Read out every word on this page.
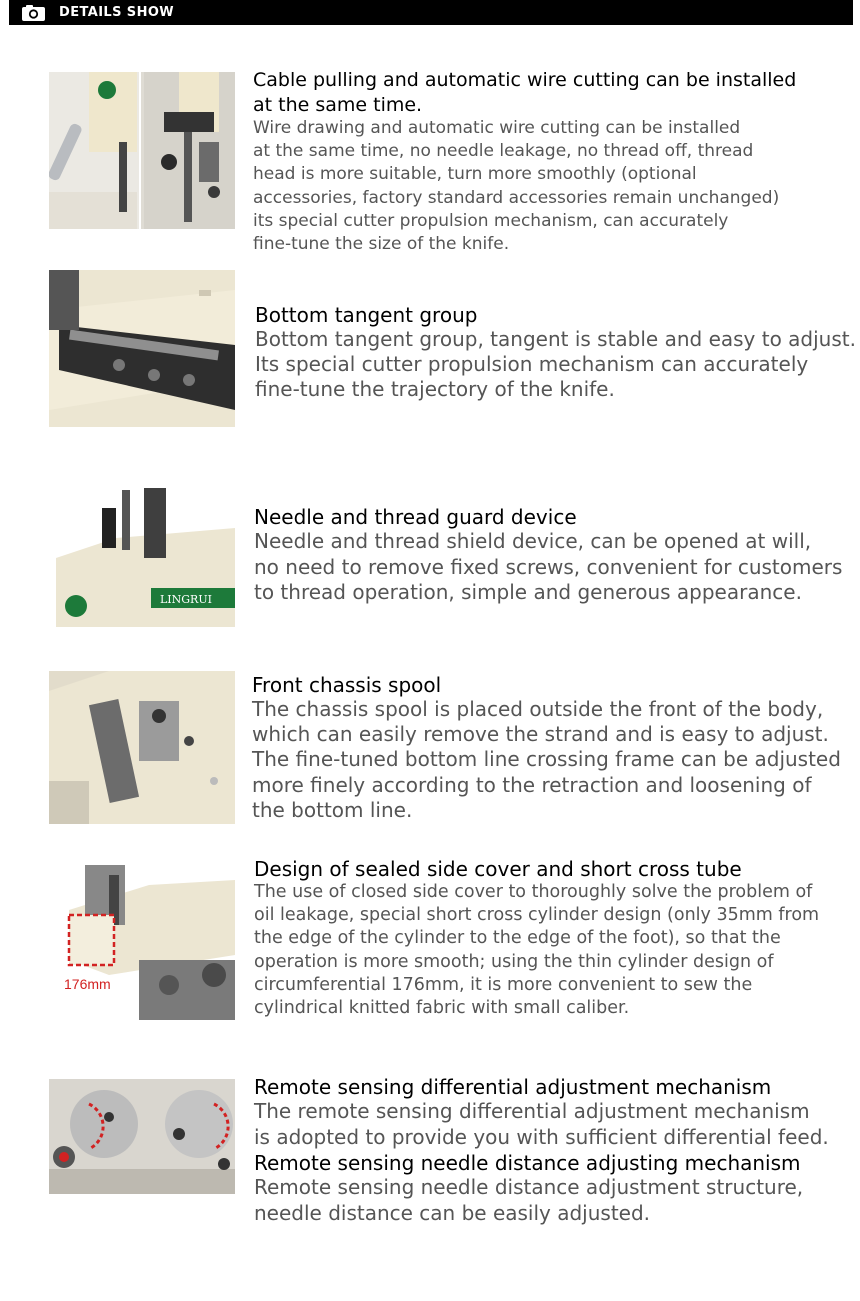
DETAILS SHOW
Cable pulling and automatic wire cutting can be installed
at the same time.
Wire drawing and automatic wire cutting can be installed
at the same time, no needle leakage, no thread off, thread
head is more suitable, turn more smoothly (optional
accessories, factory standard accessories remain unchanged)
its special cutter propulsion mechanism, can accurately
fine-tune the size of the knife.
Bottom tangent group
Bottom tangent group, tangent is stable and easy to adjust.
Its special cutter propulsion mechanism can accurately
fine-tune the trajectory of the knife.
LINGRUI
Needle and thread guard device
Needle and thread shield device, can be opened at will,
no need to remove fixed screws, convenient for customers
to thread operation, simple and generous appearance.
Front chassis spool
The chassis spool is placed outside the front of the body,
which can easily remove the strand and is easy to adjust.
The fine-tuned bottom line crossing frame can be adjusted
more finely according to the retraction and loosening of
the bottom line.
176mm
Design of sealed side cover and short cross tube
The use of closed side cover to thoroughly solve the problem of
oil leakage, special short cross cylinder design (only 35mm from
the edge of the cylinder to the edge of the foot), so that the
operation is more smooth; using the thin cylinder design of
circumferential 176mm, it is more convenient to sew the
cylindrical knitted fabric with small caliber.
Remote sensing differential adjustment mechanism
The remote sensing differential adjustment mechanism
is adopted to provide you with sufficient differential feed.
Remote sensing needle distance adjusting mechanism
Remote sensing needle distance adjustment structure,
needle distance can be easily adjusted.
